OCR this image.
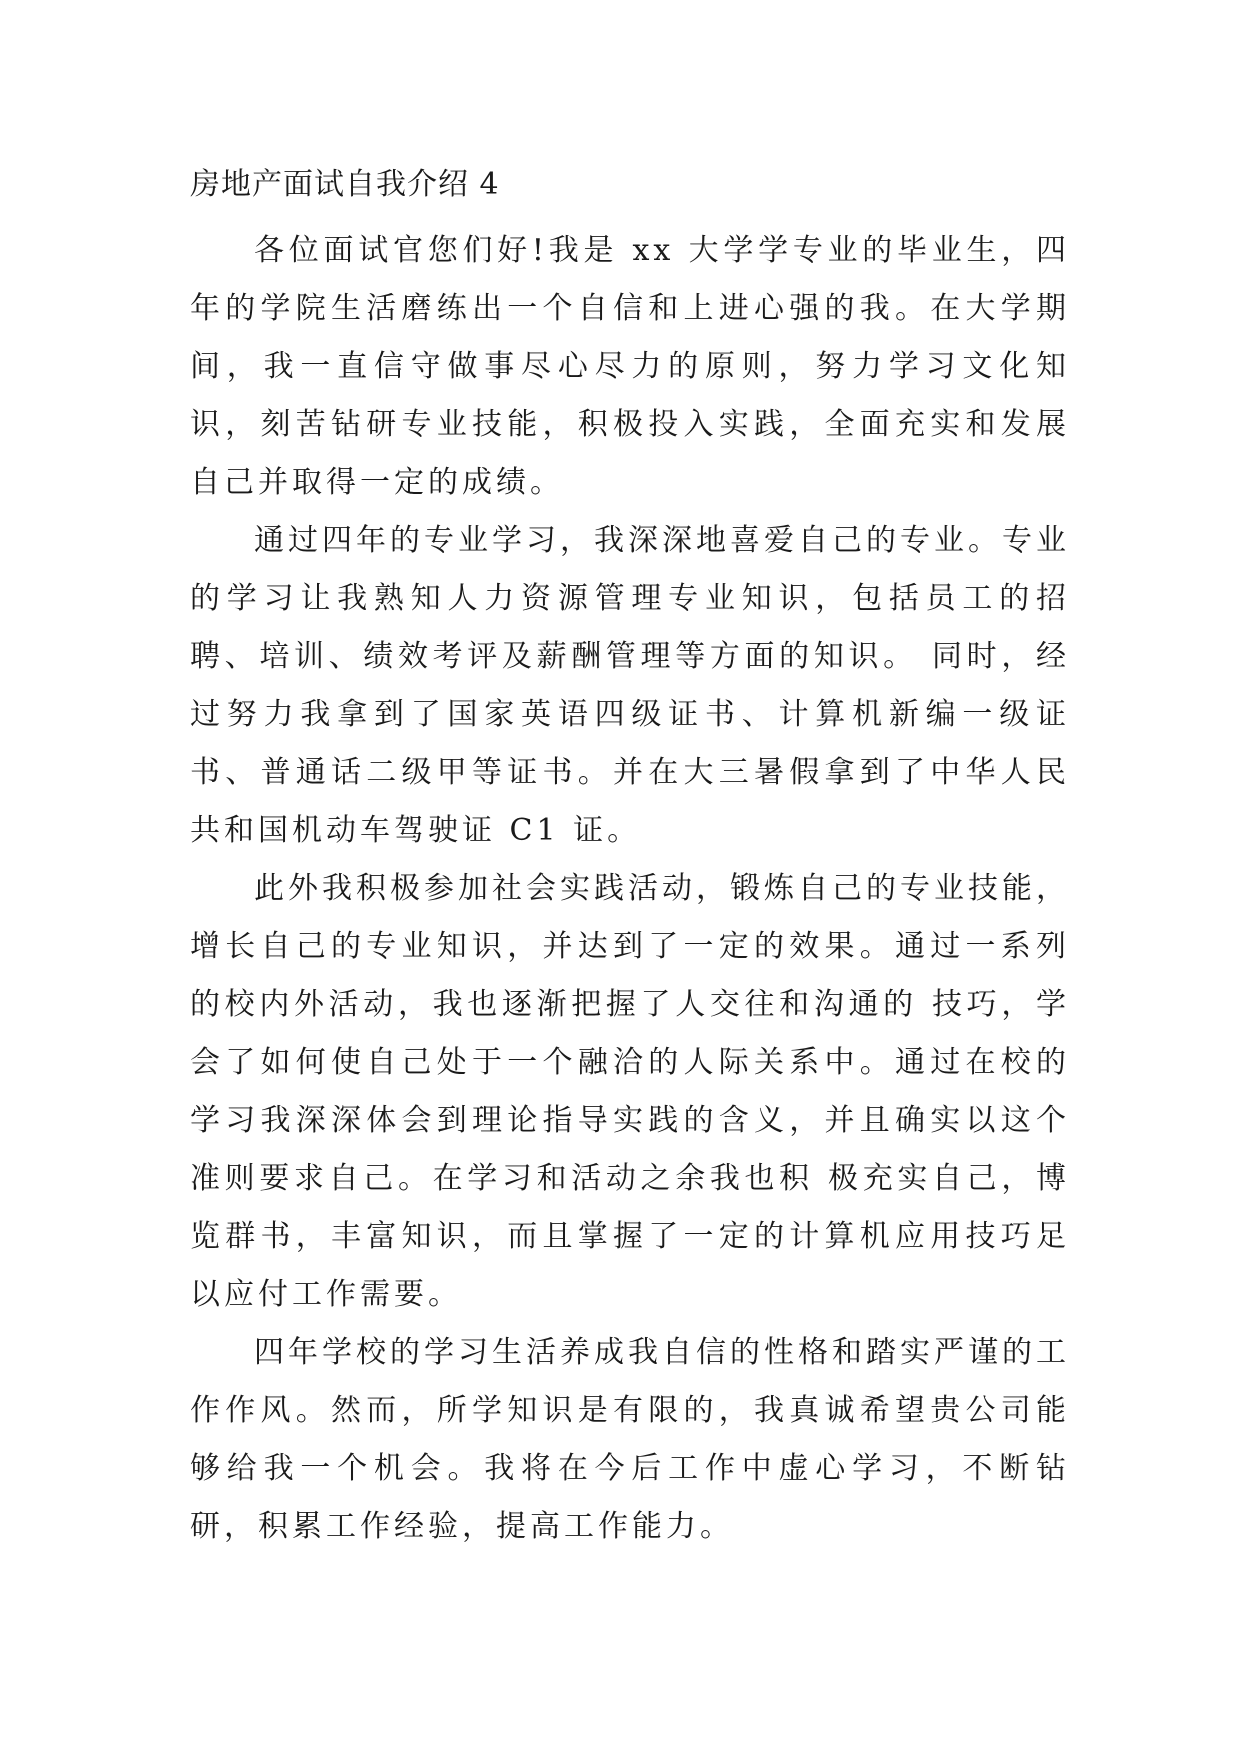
房地产面试自我介绍 4

各位面试官您们好!我是 xx 大学学专业的毕业生，四年的学院生活磨练出一个自信和上进心强的我。在大学期间，我一直信守做事尽心尽力的原则，努力学习文化知识，刻苦钻研专业技能，积极投入实践，全面充实和发展自己并取得一定的成绩。

通过四年的专业学习，我深深地喜爱自己的专业。专业的学习让我熟知人力资源管理专业知识，包括员工的招聘、培训、绩效考评及薪酬管理等方面的知识。 同时，经过努力我拿到了国家英语四级证书、计算机新编一级证书、普通话二级甲等证书。并在大三暑假拿到了中华人民共和国机动车驾驶证 C1 证。

此外我积极参加社会实践活动，锻炼自己的专业技能，增长自己的专业知识，并达到了一定的效果。通过一系列的校内外活动，我也逐渐把握了人交往和沟通的 技巧，学会了如何使自己处于一个融洽的人际关系中。通过在校的学习我深深体会到理论指导实践的含义，并且确实以这个准则要求自己。在学习和活动之余我也积 极充实自己，博览群书，丰富知识，而且掌握了一定的计算机应用技巧足以应付工作需要。

四年学校的学习生活养成我自信的性格和踏实严谨的工作作风。然而，所学知识是有限的，我真诚希望贵公司能够给我一个机会。我将在今后工作中虚心学习，不断钻研，积累工作经验，提高工作能力。
